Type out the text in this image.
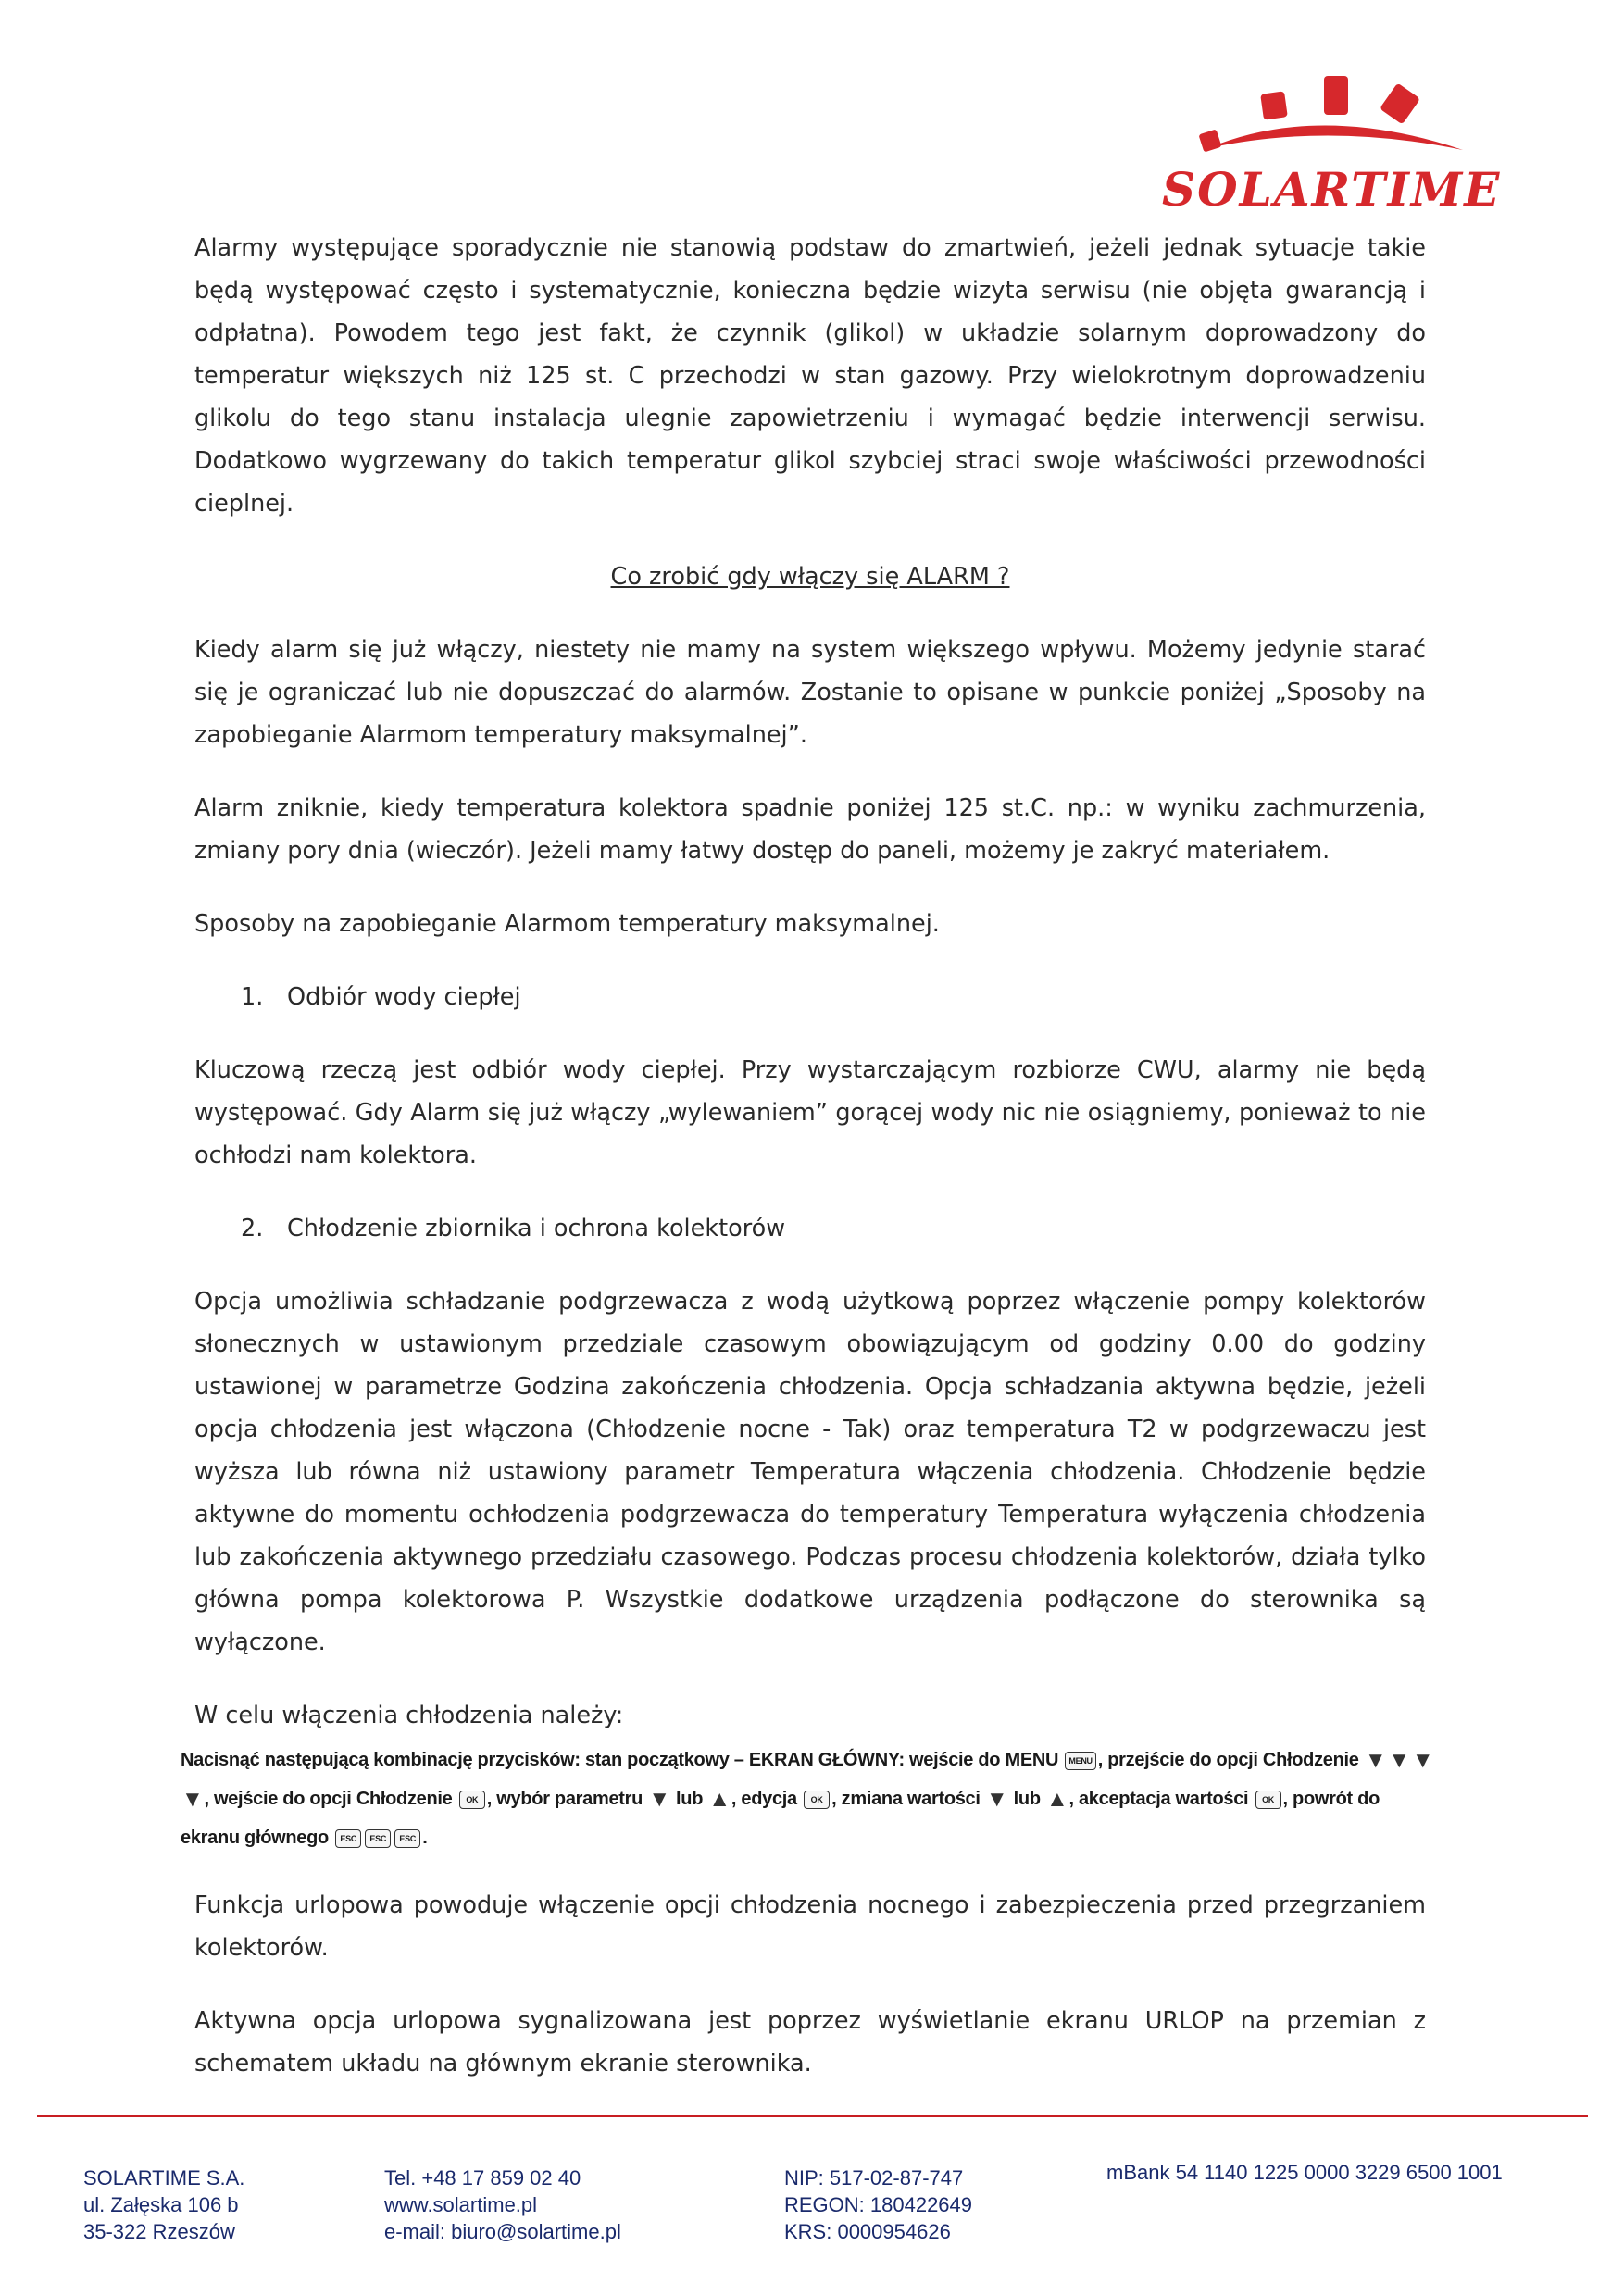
SOLARTIME

Alarmy występujące sporadycznie nie stanowią podstaw do zmartwień, jeżeli jednak sytuacje takie będą występować często i systematycznie, konieczna będzie wizyta serwisu (nie objęta gwarancją i odpłatna). Powodem tego jest fakt, że czynnik (glikol) w układzie solarnym doprowadzony do temperatur większych niż 125 st. C przechodzi w stan gazowy. Przy wielokrotnym doprowadzeniu glikolu do tego stanu instalacja ulegnie zapowietrzeniu i wymagać będzie interwencji serwisu. Dodatkowo wygrzewany do takich temperatur glikol szybciej straci swoje właściwości przewodności cieplnej.

Co zrobić gdy włączy się ALARM ?

Kiedy alarm się już włączy, niestety nie mamy na system większego wpływu. Możemy jedynie starać się je ograniczać lub nie dopuszczać do alarmów. Zostanie to opisane w punkcie poniżej „Sposoby na zapobieganie Alarmom temperatury maksymalnej”.

Alarm zniknie, kiedy temperatura kolektora spadnie poniżej 125 st.C. np.: w wyniku zachmurzenia, zmiany pory dnia (wieczór). Jeżeli mamy łatwy dostęp do paneli, możemy je zakryć materiałem.

Sposoby na zapobieganie Alarmom temperatury maksymalnej.

1. Odbiór wody ciepłej

Kluczową rzeczą jest odbiór wody ciepłej. Przy wystarczającym rozbiorze CWU, alarmy nie będą występować. Gdy Alarm się już włączy „wylewaniem” gorącej wody nic nie osiągniemy, ponieważ to nie ochłodzi nam kolektora.

2. Chłodzenie zbiornika i ochrona kolektorów

Opcja umożliwia schładzanie podgrzewacza z wodą użytkową poprzez włączenie pompy kolektorów słonecznych w ustawionym przedziale czasowym obowiązującym od godziny 0.00 do godziny ustawionej w parametrze Godzina zakończenia chłodzenia. Opcja schładzania aktywna będzie, jeżeli opcja chłodzenia jest włączona (Chłodzenie nocne - Tak) oraz temperatura T2 w podgrzewaczu jest wyższa lub równa niż ustawiony parametr Temperatura włączenia chłodzenia. Chłodzenie będzie aktywne do momentu ochłodzenia podgrzewacza do temperatury Temperatura wyłączenia chłodzenia lub zakończenia aktywnego przedziału czasowego. Podczas procesu chłodzenia kolektorów, działa tylko główna pompa kolektorowa P. Wszystkie dodatkowe urządzenia podłączone do sterownika są wyłączone.

W celu włączenia chłodzenia należy:

Nacisnąć następującą kombinację przycisków: stan początkowy – EKRAN GŁÓWNY: wejście do MENU MENU , przejście do opcji Chłodzenie ▼▼▼▼, wejście do opcji Chłodzenie OK , wybór parametru ▼ lub ▲, edycja OK , zmiana wartości ▼ lub ▲, akceptacja wartości OK , powrót do ekranu głównego ESC ESC ESC .

Funkcja urlopowa powoduje włączenie opcji chłodzenia nocnego i zabezpieczenia przed przegrzaniem kolektorów.

Aktywna opcja urlopowa sygnalizowana jest poprzez wyświetlanie ekranu URLOP na przemian z schematem układu na głównym ekranie sterownika.

SOLARTIME S.A.
ul. Załęska 106 b
35-322 Rzeszów
Tel. +48 17 859 02 40
www.solartime.pl
e-mail: biuro@solartime.pl
NIP: 517-02-87-747
REGON: 180422649
KRS: 0000954626
mBank 54 1140 1225 0000 3229 6500 1001
